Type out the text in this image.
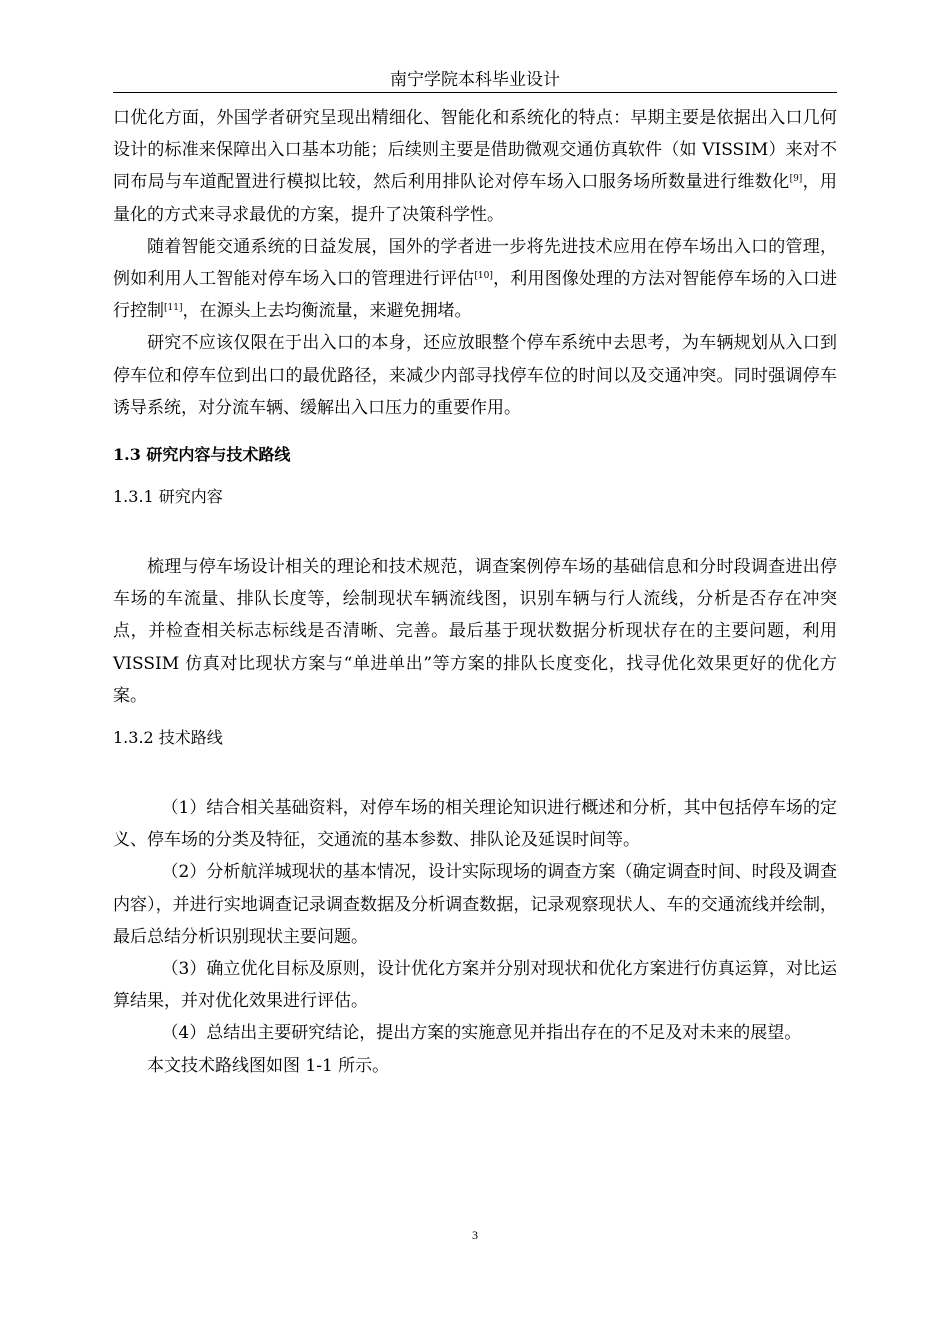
南宁学院本科毕业设计

口优化方面，外国学者研究呈现出精细化、智能化和系统化的特点：早期主要是依据出入口几何设计的标准来保障出入口基本功能；后续则主要是借助微观交通仿真软件（如 VISSIM）来对不同布局与车道配置进行模拟比较，然后利用排队论对停车场入口服务场所数量进行维数化[9]，用量化的方式来寻求最优的方案，提升了决策科学性。

随着智能交通系统的日益发展，国外的学者进一步将先进技术应用在停车场出入口的管理，例如利用人工智能对停车场入口的管理进行评估[10]，利用图像处理的方法对智能停车场的入口进行控制[11]，在源头上去均衡流量，来避免拥堵。

研究不应该仅限在于出入口的本身，还应放眼整个停车系统中去思考，为车辆规划从入口到停车位和停车位到出口的最优路径，来减少内部寻找停车位的时间以及交通冲突。同时强调停车诱导系统，对分流车辆、缓解出入口压力的重要作用。

1.3 研究内容与技术路线
1.3.1 研究内容

梳理与停车场设计相关的理论和技术规范，调查案例停车场的基础信息和分时段调查进出停车场的车流量、排队长度等，绘制现状车辆流线图，识别车辆与行人流线，分析是否存在冲突点，并检查相关标志标线是否清晰、完善。最后基于现状数据分析现状存在的主要问题，利用 VISSIM 仿真对比现状方案与“单进单出”等方案的排队长度变化，找寻优化效果更好的优化方案。

1.3.2 技术路线

（1）结合相关基础资料，对停车场的相关理论知识进行概述和分析，其中包括停车场的定义、停车场的分类及特征，交通流的基本参数、排队论及延误时间等。

（2）分析航洋城现状的基本情况，设计实际现场的调查方案（确定调查时间、时段及调查内容），并进行实地调查记录调查数据及分析调查数据，记录观察现状人、车的交通流线并绘制，最后总结分析识别现状主要问题。

（3）确立优化目标及原则，设计优化方案并分别对现状和优化方案进行仿真运算，对比运算结果，并对优化效果进行评估。

（4）总结出主要研究结论，提出方案的实施意见并指出存在的不足及对未来的展望。

本文技术路线图如图 1-1 所示。

3
